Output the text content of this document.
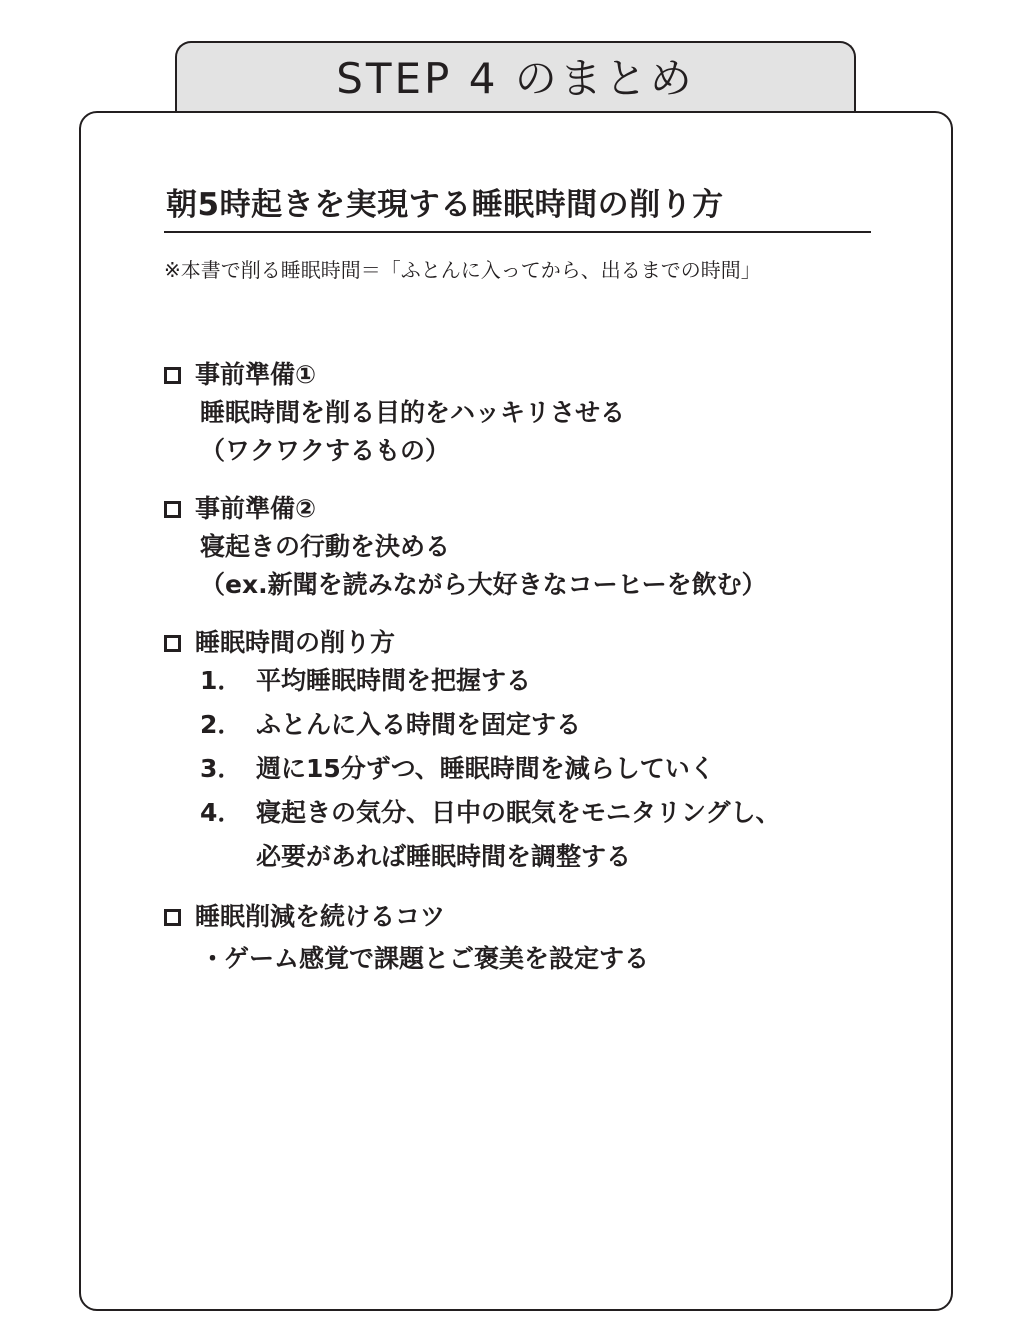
STEP 4 のまとめ
朝5時起きを実現する睡眠時間の削り方
※本書で削る睡眠時間＝「ふとんに入ってから、出るまでの時間」
事前準備①
睡眠時間を削る目的をハッキリさせる
（ワクワクするもの）
事前準備②
寝起きの行動を決める
（ex.新聞を読みながら大好きなコーヒーを飲む）
睡眠時間の削り方
1． 平均睡眠時間を把握する
2． ふとんに入る時間を固定する
3． 週に15分ずつ、睡眠時間を減らしていく
4． 寝起きの気分、日中の眠気をモニタリングし、
必要があれば睡眠時間を調整する
睡眠削減を続けるコツ
・
ゲーム感覚で課題とご褒美を設定する
